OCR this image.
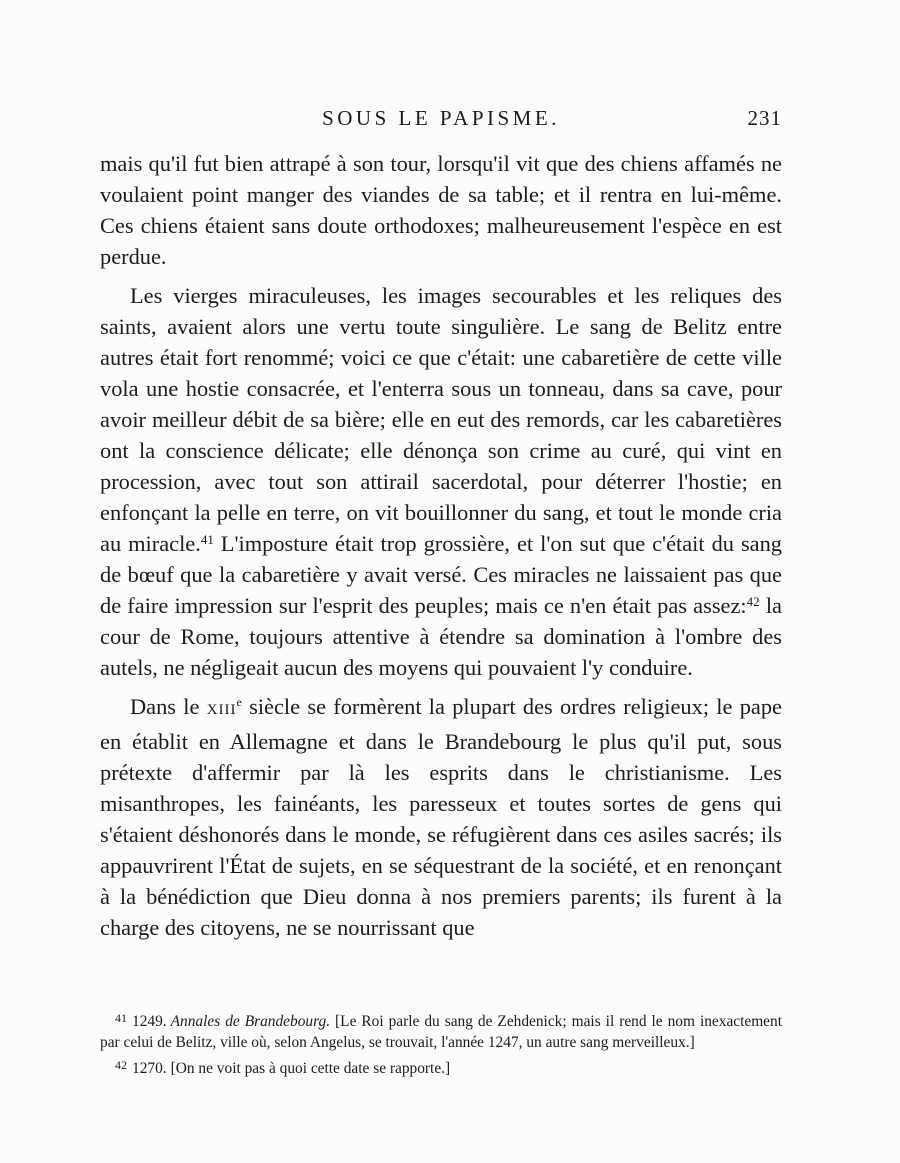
SOUS LE PAPISME.	231

mais qu'il fut bien attrapé à son tour, lorsqu'il vit que des chiens affamés ne voulaient point manger des viandes de sa table; et il rentra en lui-même. Ces chiens étaient sans doute orthodoxes; malheureusement l'espèce en est perdue.

Les vierges miraculeuses, les images secourables et les reliques des saints, avaient alors une vertu toute singulière. Le sang de Belitz entre autres était fort renommé; voici ce que c'était: une cabaretière de cette ville vola une hostie consacrée, et l'enterra sous un tonneau, dans sa cave, pour avoir meilleur débit de sa bière; elle en eut des remords, car les cabaretières ont la conscience délicate; elle dénonça son crime au curé, qui vint en procession, avec tout son attirail sacerdotal, pour déterrer l'hostie; en enfonçant la pelle en terre, on vit bouillonner du sang, et tout le monde cria au miracle.$^{41}$ L'imposture était trop grossière, et l'on sut que c'était du sang de bœuf que la cabaretière y avait versé. Ces miracles ne laissaient pas que de faire impression sur l'esprit des peuples; mais ce n'en était pas assez:$^{42}$ la cour de Rome, toujours attentive à étendre sa domination à l'ombre des autels, ne négligeait aucun des moyens qui pouvaient l'y conduire.

Dans le XIIIe siècle se formèrent la plupart des ordres religieux; le pape en établit en Allemagne et dans le Brandebourg le plus qu'il put, sous prétexte d'affermir par là les esprits dans le christianisme. Les misanthropes, les fainéants, les paresseux et toutes sortes de gens qui s'étaient déshonorés dans le monde, se réfugièrent dans ces asiles sacrés; ils appauvrirent l'État de sujets, en se séquestrant de la société, et en renonçant à la bénédiction que Dieu donna à nos premiers parents; ils furent à la charge des citoyens, ne se nourrissant que

$^{41}$ 1249. Annales de Brandebourg. [Le Roi parle du sang de Zehdenick; mais il rend le nom inexactement par celui de Belitz, ville où, selon Angelus, se trouvait, l'année 1247, un autre sang merveilleux.]

$^{42}$ 1270. [On ne voit pas à quoi cette date se rapporte.]
